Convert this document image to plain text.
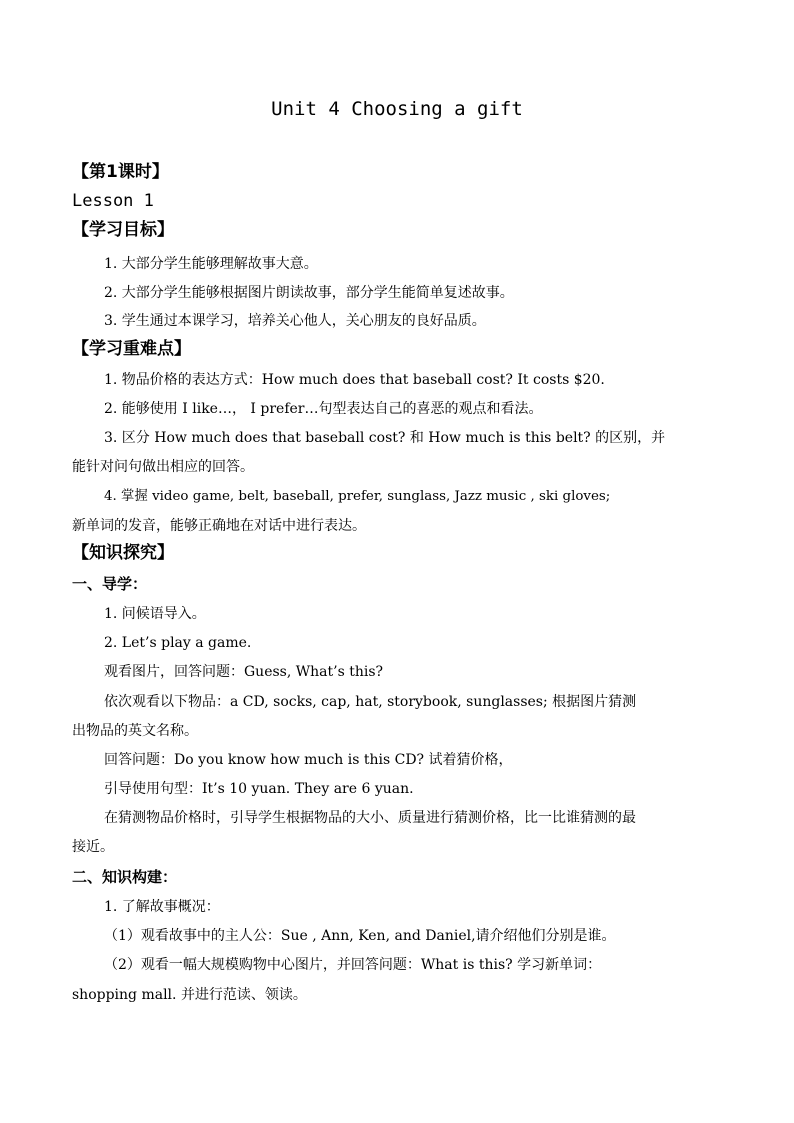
Unit 4 Choosing a gift
【第1课时】
Lesson 1
【学习目标】
1. 大部分学生能够理解故事大意。
2. 大部分学生能够根据图片朗读故事，部分学生能简单复述故事。
3. 学生通过本课学习，培养关心他人，关心朋友的良好品质。
【学习重难点】
1. 物品价格的表达方式：How much does that baseball cost? It costs $20.
2. 能够使用 I like…， I prefer…句型表达自己的喜恶的观点和看法。
3. 区分 How much does that baseball cost? 和 How much is this belt? 的区别，并
能针对问句做出相应的回答。
4. 掌握 video game, belt, baseball, prefer, sunglass, Jazz music , ski gloves;
新单词的发音，能够正确地在对话中进行表达。
【知识探究】
一、导学：
1. 问候语导入。
2. Let’s play a game.
观看图片，回答问题：Guess, What’s this?
依次观看以下物品：a CD, socks, cap, hat, storybook, sunglasses; 根据图片猜测
出物品的英文名称。
回答问题：Do you know how much is this CD? 试着猜价格，
引导使用句型：It’s 10 yuan. They are 6 yuan.
在猜测物品价格时，引导学生根据物品的大小、质量进行猜测价格，比一比谁猜测的最
接近。
二、知识构建：
1. 了解故事概况：
（1）观看故事中的主人公：Sue , Ann, Ken, and Daniel,请介绍他们分别是谁。
（2）观看一幅大规模购物中心图片，并回答问题：What is this? 学习新单词：
shopping mall. 并进行范读、领读。
